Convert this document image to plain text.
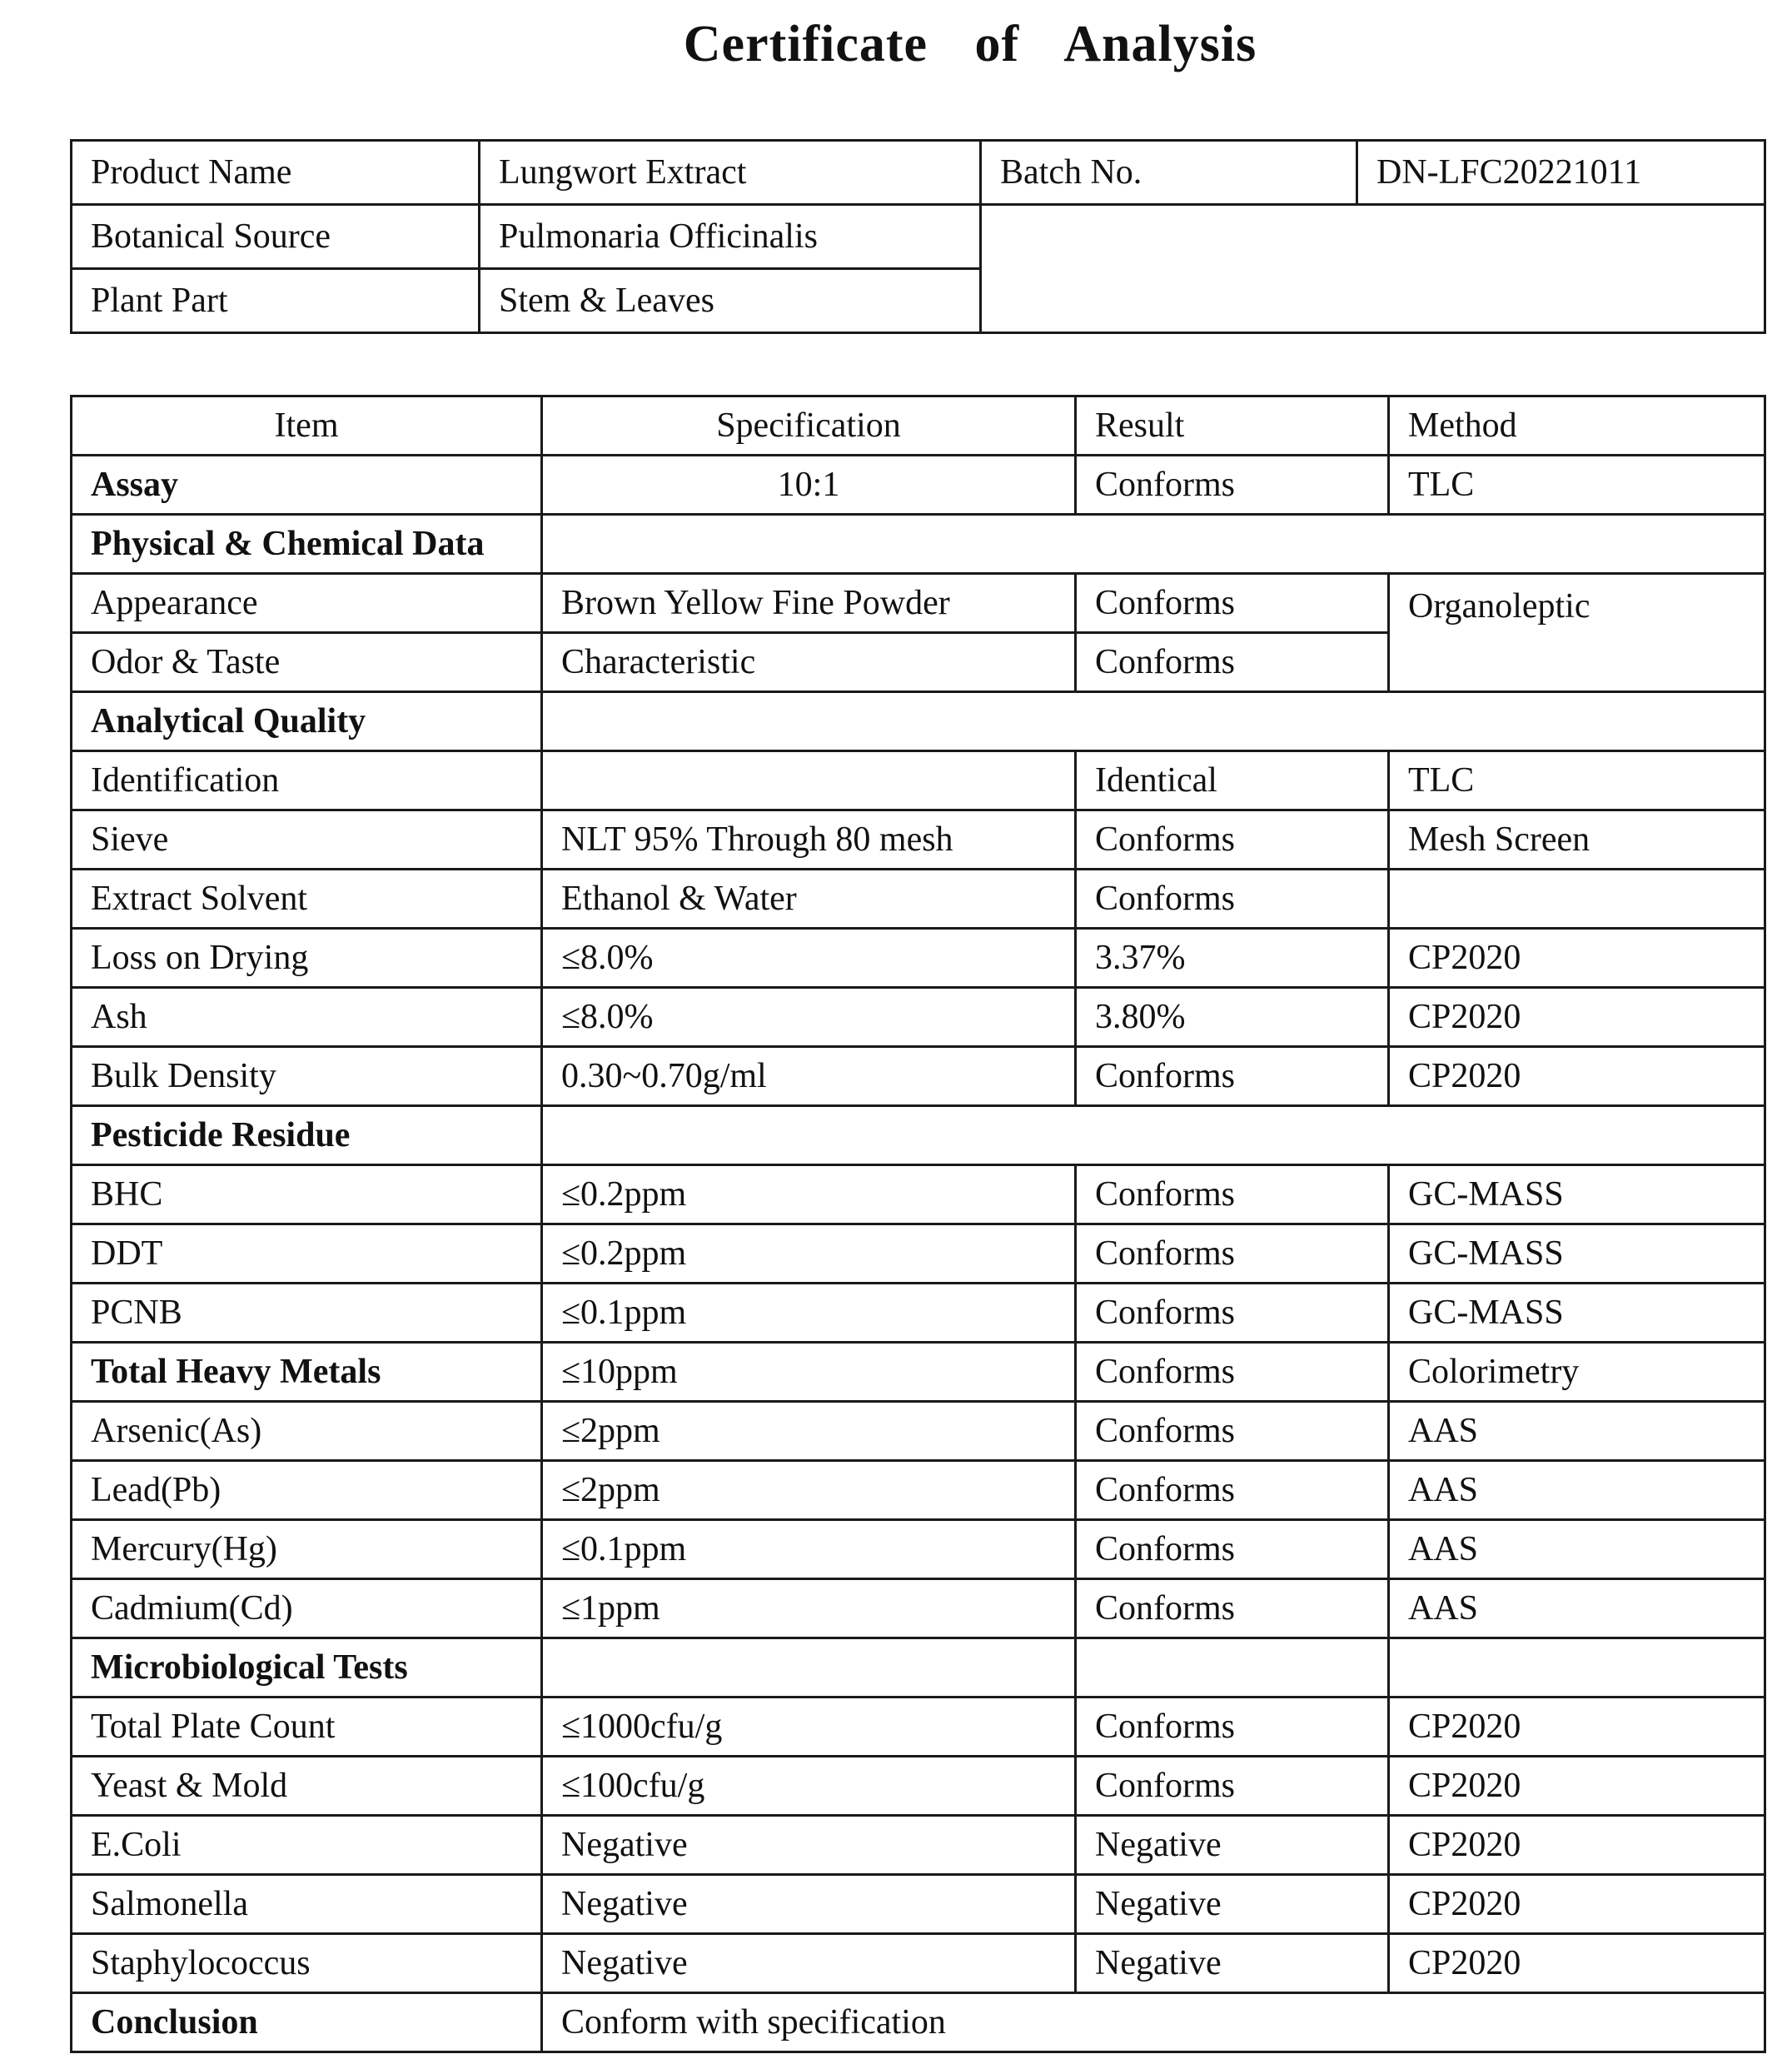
Certificate of Analysis
Product Name	Lungwort Extract	Batch No.	DN-LFC20221011
Botanical Source	Pulmonaria Officinalis		
Plant Part	Stem & Leaves		
Item	Specification	Result	Method
Assay	10:1	Conforms	TLC
Physical & Chemical Data			
Appearance	Brown Yellow Fine Powder	Conforms	Organoleptic
Odor & Taste	Characteristic	Conforms	
Analytical Quality			
Identification		Identical	TLC
Sieve	NLT 95% Through 80 mesh	Conforms	Mesh Screen
Extract Solvent	Ethanol & Water	Conforms	
Loss on Drying	≤8.0%	3.37%	CP2020
Ash	≤8.0%	3.80%	CP2020
Bulk Density	0.30~0.70g/ml	Conforms	CP2020
Pesticide Residue			
BHC	≤0.2ppm	Conforms	GC-MASS
DDT	≤0.2ppm	Conforms	GC-MASS
PCNB	≤0.1ppm	Conforms	GC-MASS
Total Heavy Metals	≤10ppm	Conforms	Colorimetry
Arsenic(As)	≤2ppm	Conforms	AAS
Lead(Pb)	≤2ppm	Conforms	AAS
Mercury(Hg)	≤0.1ppm	Conforms	AAS
Cadmium(Cd)	≤1ppm	Conforms	AAS
Microbiological Tests			
Total Plate Count	≤1000cfu/g	Conforms	CP2020
Yeast & Mold	≤100cfu/g	Conforms	CP2020
E.Coli	Negative	Negative	CP2020
Salmonella	Negative	Negative	CP2020
Staphylococcus	Negative	Negative	CP2020
Conclusion	Conform with specification		
